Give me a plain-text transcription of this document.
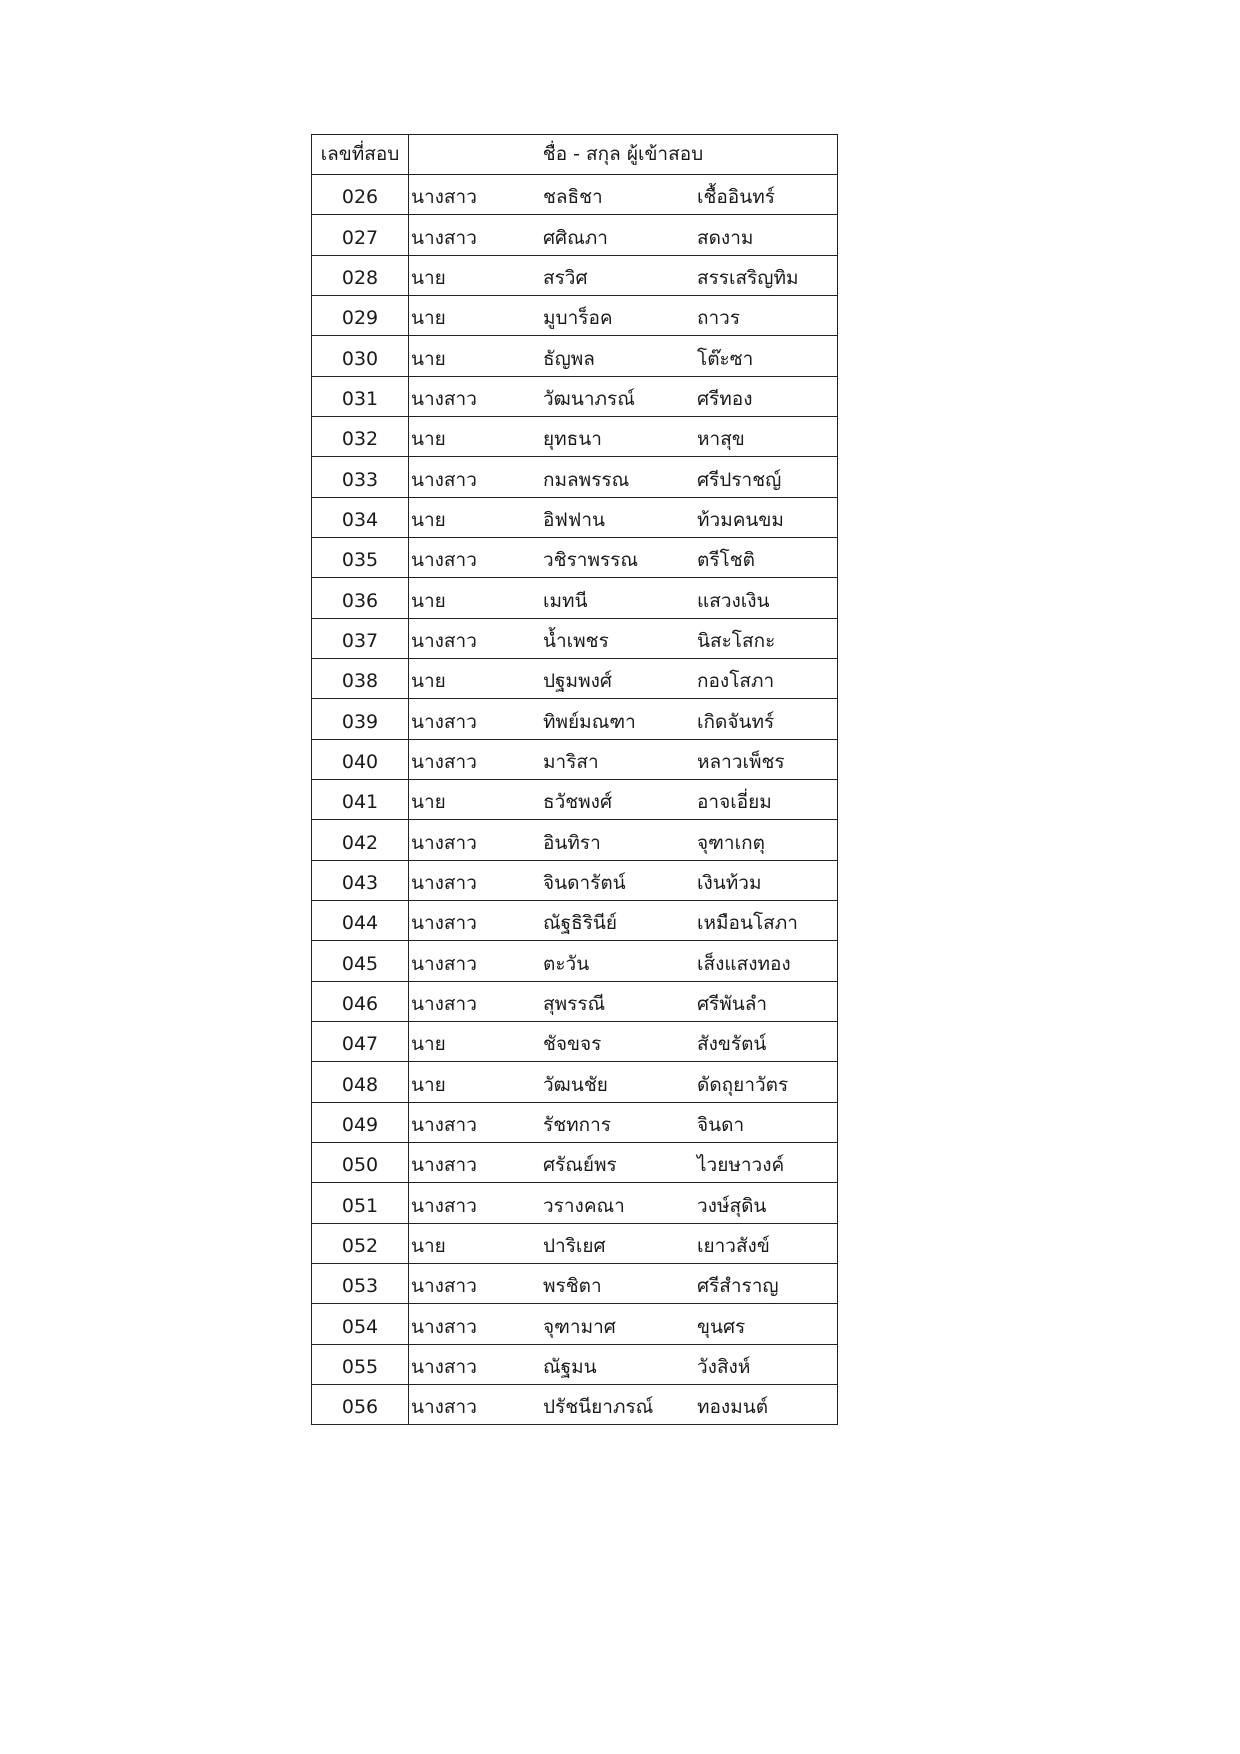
เลขที่สอบ	ชื่อ - สกุล ผู้เข้าสอบ
026	นางสาว ชลธิชา เชื้ออินทร์

027	นางสาว ศศิณภา สดงาม

028	นาย สรวิศ สรรเสริญทิม

029	นาย มูบาร็อค ถาวร

030	นาย ธัญพล โต๊ะซา

031	นางสาว วัฒนาภรณ์ ศรีทอง

032	นาย ยุทธนา หาสุข

033	นางสาว กมลพรรณ ศรีปราชญ์

034	นาย อิฟฟาน ท้วมคนขม

035	นางสาว วชิราพรรณ ตรีโชติ

036	นาย เมทนี แสวงเงิน

037	นางสาว น้ำเพชร นิสะโสกะ

038	นาย ปฐมพงศ์ กองโสภา

039	นางสาว ทิพย์มณฑา เกิดจันทร์

040	นางสาว มาริสา หลาวเพ็ชร

041	นาย ธวัชพงศ์ อาจเอี่ยม

042	นางสาว อินทิรา จุฑาเกตุ

043	นางสาว จินดารัตน์ เงินท้วม

044	นางสาว ณัฐธิรินีย์ เหมือนโสภา

045	นางสาว ตะวัน เส็งแสงทอง

046	นางสาว สุพรรณี ศรีพันลำ

047	นาย ชัจขจร สังขรัตน์

048	นาย วัฒนชัย ดัดถุยาวัตร

049	นางสาว รัชทการ จินดา

050	นางสาว ศรัณย์พร ไวยษาวงค์

051	นางสาว วรางคณา วงษ์สุดิน

052	นาย ปาริเยศ เยาวสังข์

053	นางสาว พรชิตา ศรีสำราญ

054	นางสาว จุฑามาศ ขุนศร

055	นางสาว ณัฐมน วังสิงห์

056	นางสาว ปรัชนียาภรณ์ ทองมนต์
